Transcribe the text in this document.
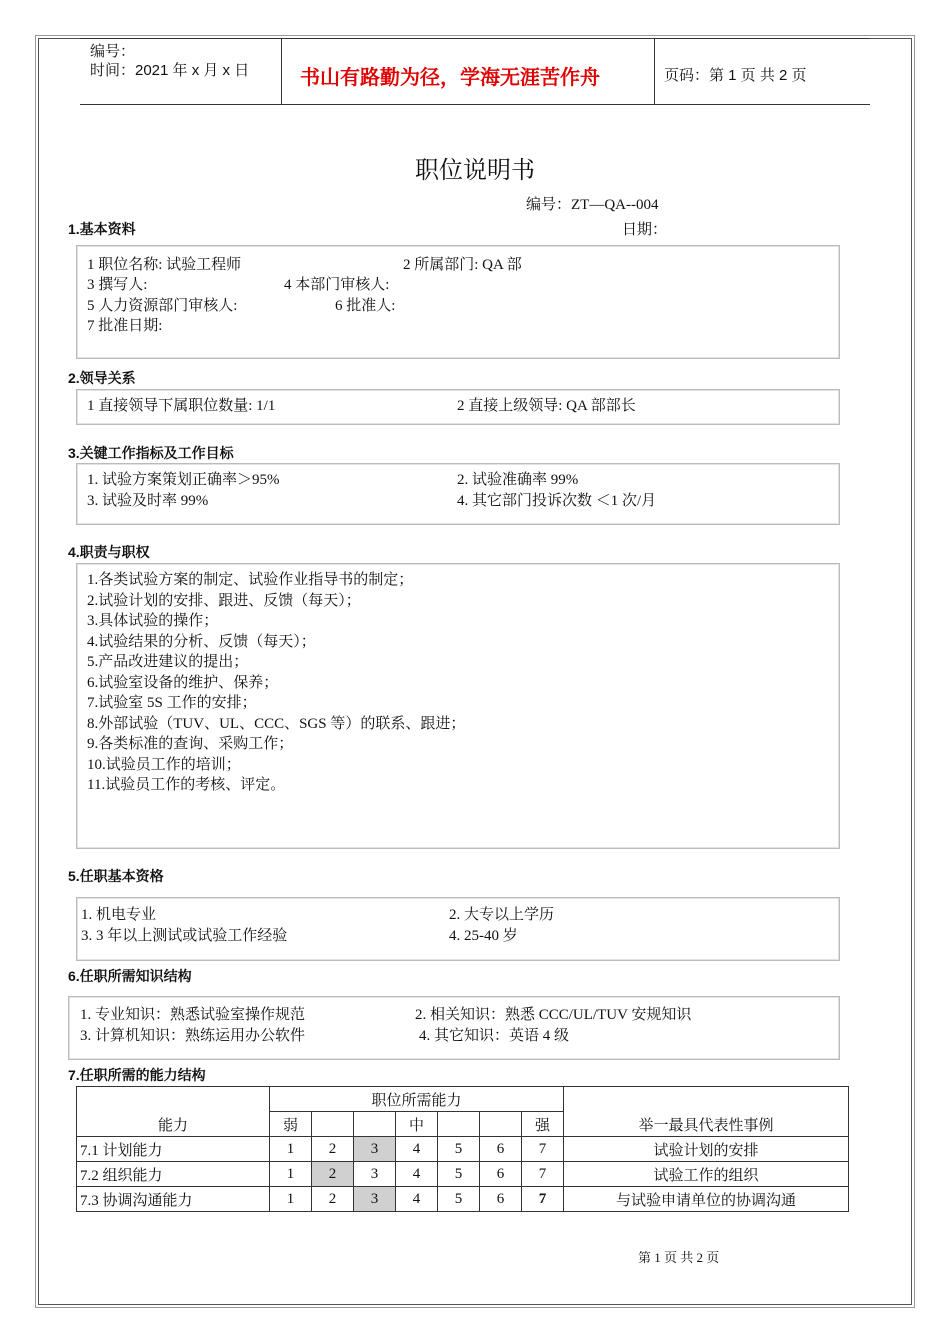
编号：
时间：2021 年 x 月 x 日	书山有路勤为径，学海无涯苦作舟	页码：第 1 页 共 2 页
职位说明书
编号：ZT—QA--004
日期：
1.基本资料
1 职位名称: 试验工程师	2 所属部门: QA 部
3 撰写人:	4 本部门审核人:
5 人力资源部门审核人:	6 批准人:
7 批准日期:
2.领导关系
1 直接领导下属职位数量: 1/1	2 直接上级领导: QA 部部长
3.关键工作指标及工作目标
1. 试验方案策划正确率＞95%	2. 试验准确率 99%
3. 试验及时率 99%	4. 其它部门投诉次数 ＜1 次/月
4.职责与职权
1.各类试验方案的制定、试验作业指导书的制定；
2.试验计划的安排、跟进、反馈（每天）；
3.具体试验的操作；
4.试验结果的分析、反馈（每天）；
5.产品改进建议的提出；
6.试验室设备的维护、保养；
7.试验室 5S 工作的安排；
8.外部试验（TUV、UL、CCC、SGS 等）的联系、跟进；
9.各类标准的查询、采购工作；
10.试验员工作的培训；
11.试验员工作的考核、评定。
5.任职基本资格
1. 机电专业	2. 大专以上学历
3. 3 年以上测试或试验工作经验	4. 25-40 岁
6.任职所需知识结构
1. 专业知识：熟悉试验室操作规范	2. 相关知识：熟悉 CCC/UL/TUV 安规知识
3. 计算机知识：熟练运用办公软件	4. 其它知识：英语 4 级
7.任职所需的能力结构
能力	职位所需能力							举一最具代表性事例

	弱			中			强	
7.1 计划能力	1	2	3	4	5	6	7	试验计划的安排
7.2 组织能力	1	2	3	4	5	6	7	试验工作的组织
7.3 协调沟通能力	1	2	3	4	5	6	7	与试验申请单位的协调沟通
第 1 页 共 2 页
